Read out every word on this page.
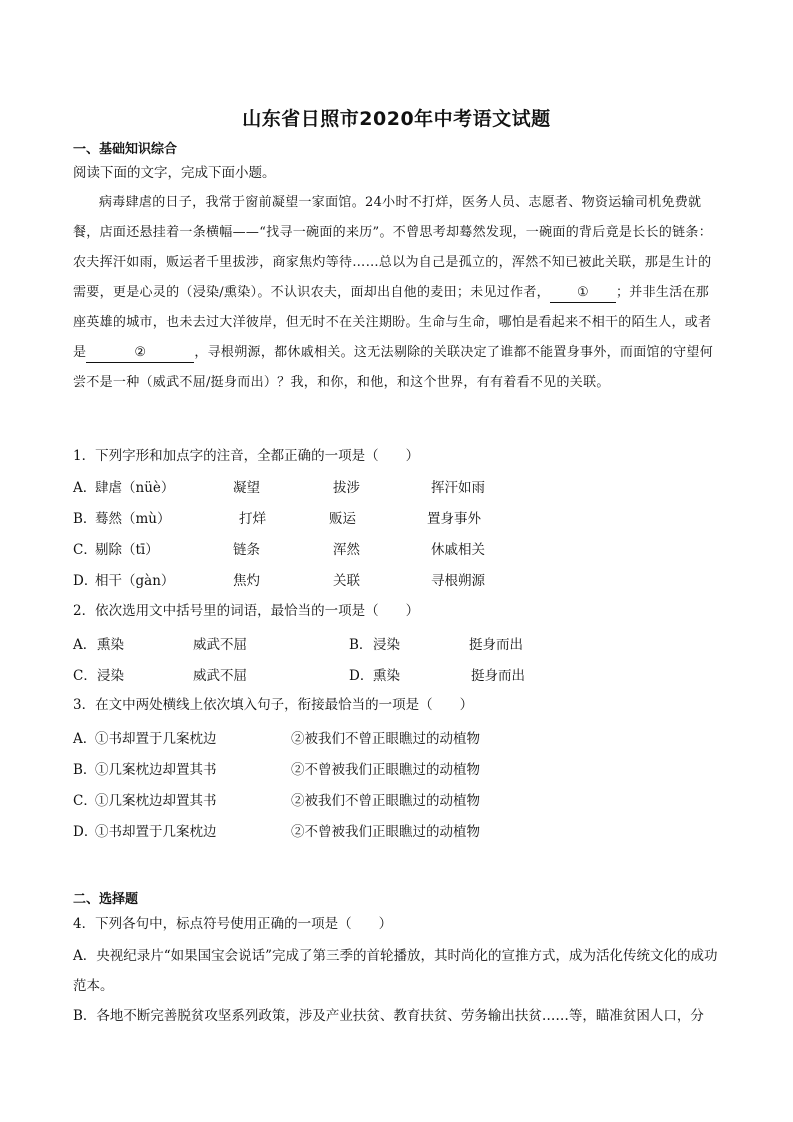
山东省日照市2020年中考语文试题
一、基础知识综合
阅读下面的文字，完成下面小题。
病毒肆虐的日子，我常于窗前凝望一家面馆。24小时不打烊，医务人员、志愿者、物资运输司机免费就餐，店面还悬挂着一条横幅——“找寻一碗面的来历”。不曾思考却蓦然发现，一碗面的背后竟是长长的链条：农夫挥汗如雨，贩运者千里拔涉，商家焦灼等待……总以为自己是孤立的，浑然不知已被此关联，那是生计的需要，更是心灵的（浸染/熏染）。不认识农夫，面却出自他的麦田；未见过作者， ① ；并非生活在那座英雄的城市，也未去过大洋彼岸，但无时不在关注期盼。生命与生命，哪怕是看起来不相干的陌生人，或者是	②	，寻根朔源，都休戚相关。这无法剔除的关联决定了谁都不能置身事外，而面馆的守望何尝不是一种（威武不屈/挺身而出）？我，和你，和他，和这个世界，有有着看不见的关联。
1．下列字形和加点字的注音，全都正确的一项是（　　）
A．
肆虐（nüè）	凝望	拔涉	挥汗如雨
B．
蓦然（mù）	打烊	贩运	置身事外
C．
剔除（tī）	链条	浑然	休戚相关
D．
相干（gàn）	焦灼	关联	寻根朔源
2．依次选用文中括号里的词语，最恰当的一项是（　　）
A． 熏染	威武不屈	B． 浸染	挺身而出
C． 浸染	威武不屈	D． 熏染	挺身而出
3．在文中两处横线上依次填入句子，衔接最恰当的一项是（　　）
A．
①书却置于几案枕边	②被我们不曾正眼瞧过的动植物
B．
①几案枕边却置其书	②不曾被我们正眼瞧过的动植物
C．
①几案枕边却置其书	②被我们不曾正眼瞧过的动植物
D．
①书却置于几案枕边	②不曾被我们正眼瞧过的动植物
二、选择题
4．下列各句中，标点符号使用正确的一项是（　　）
A．央视纪录片“如果国宝会说话”完成了第三季的首轮播放，其时尚化的宣推方式，成为活化传统文化的成功范本。
B．各地不断完善脱贫攻坚系列政策，涉及产业扶贫、教育扶贫、劳务输出扶贫……等，瞄准贫困人口，分
